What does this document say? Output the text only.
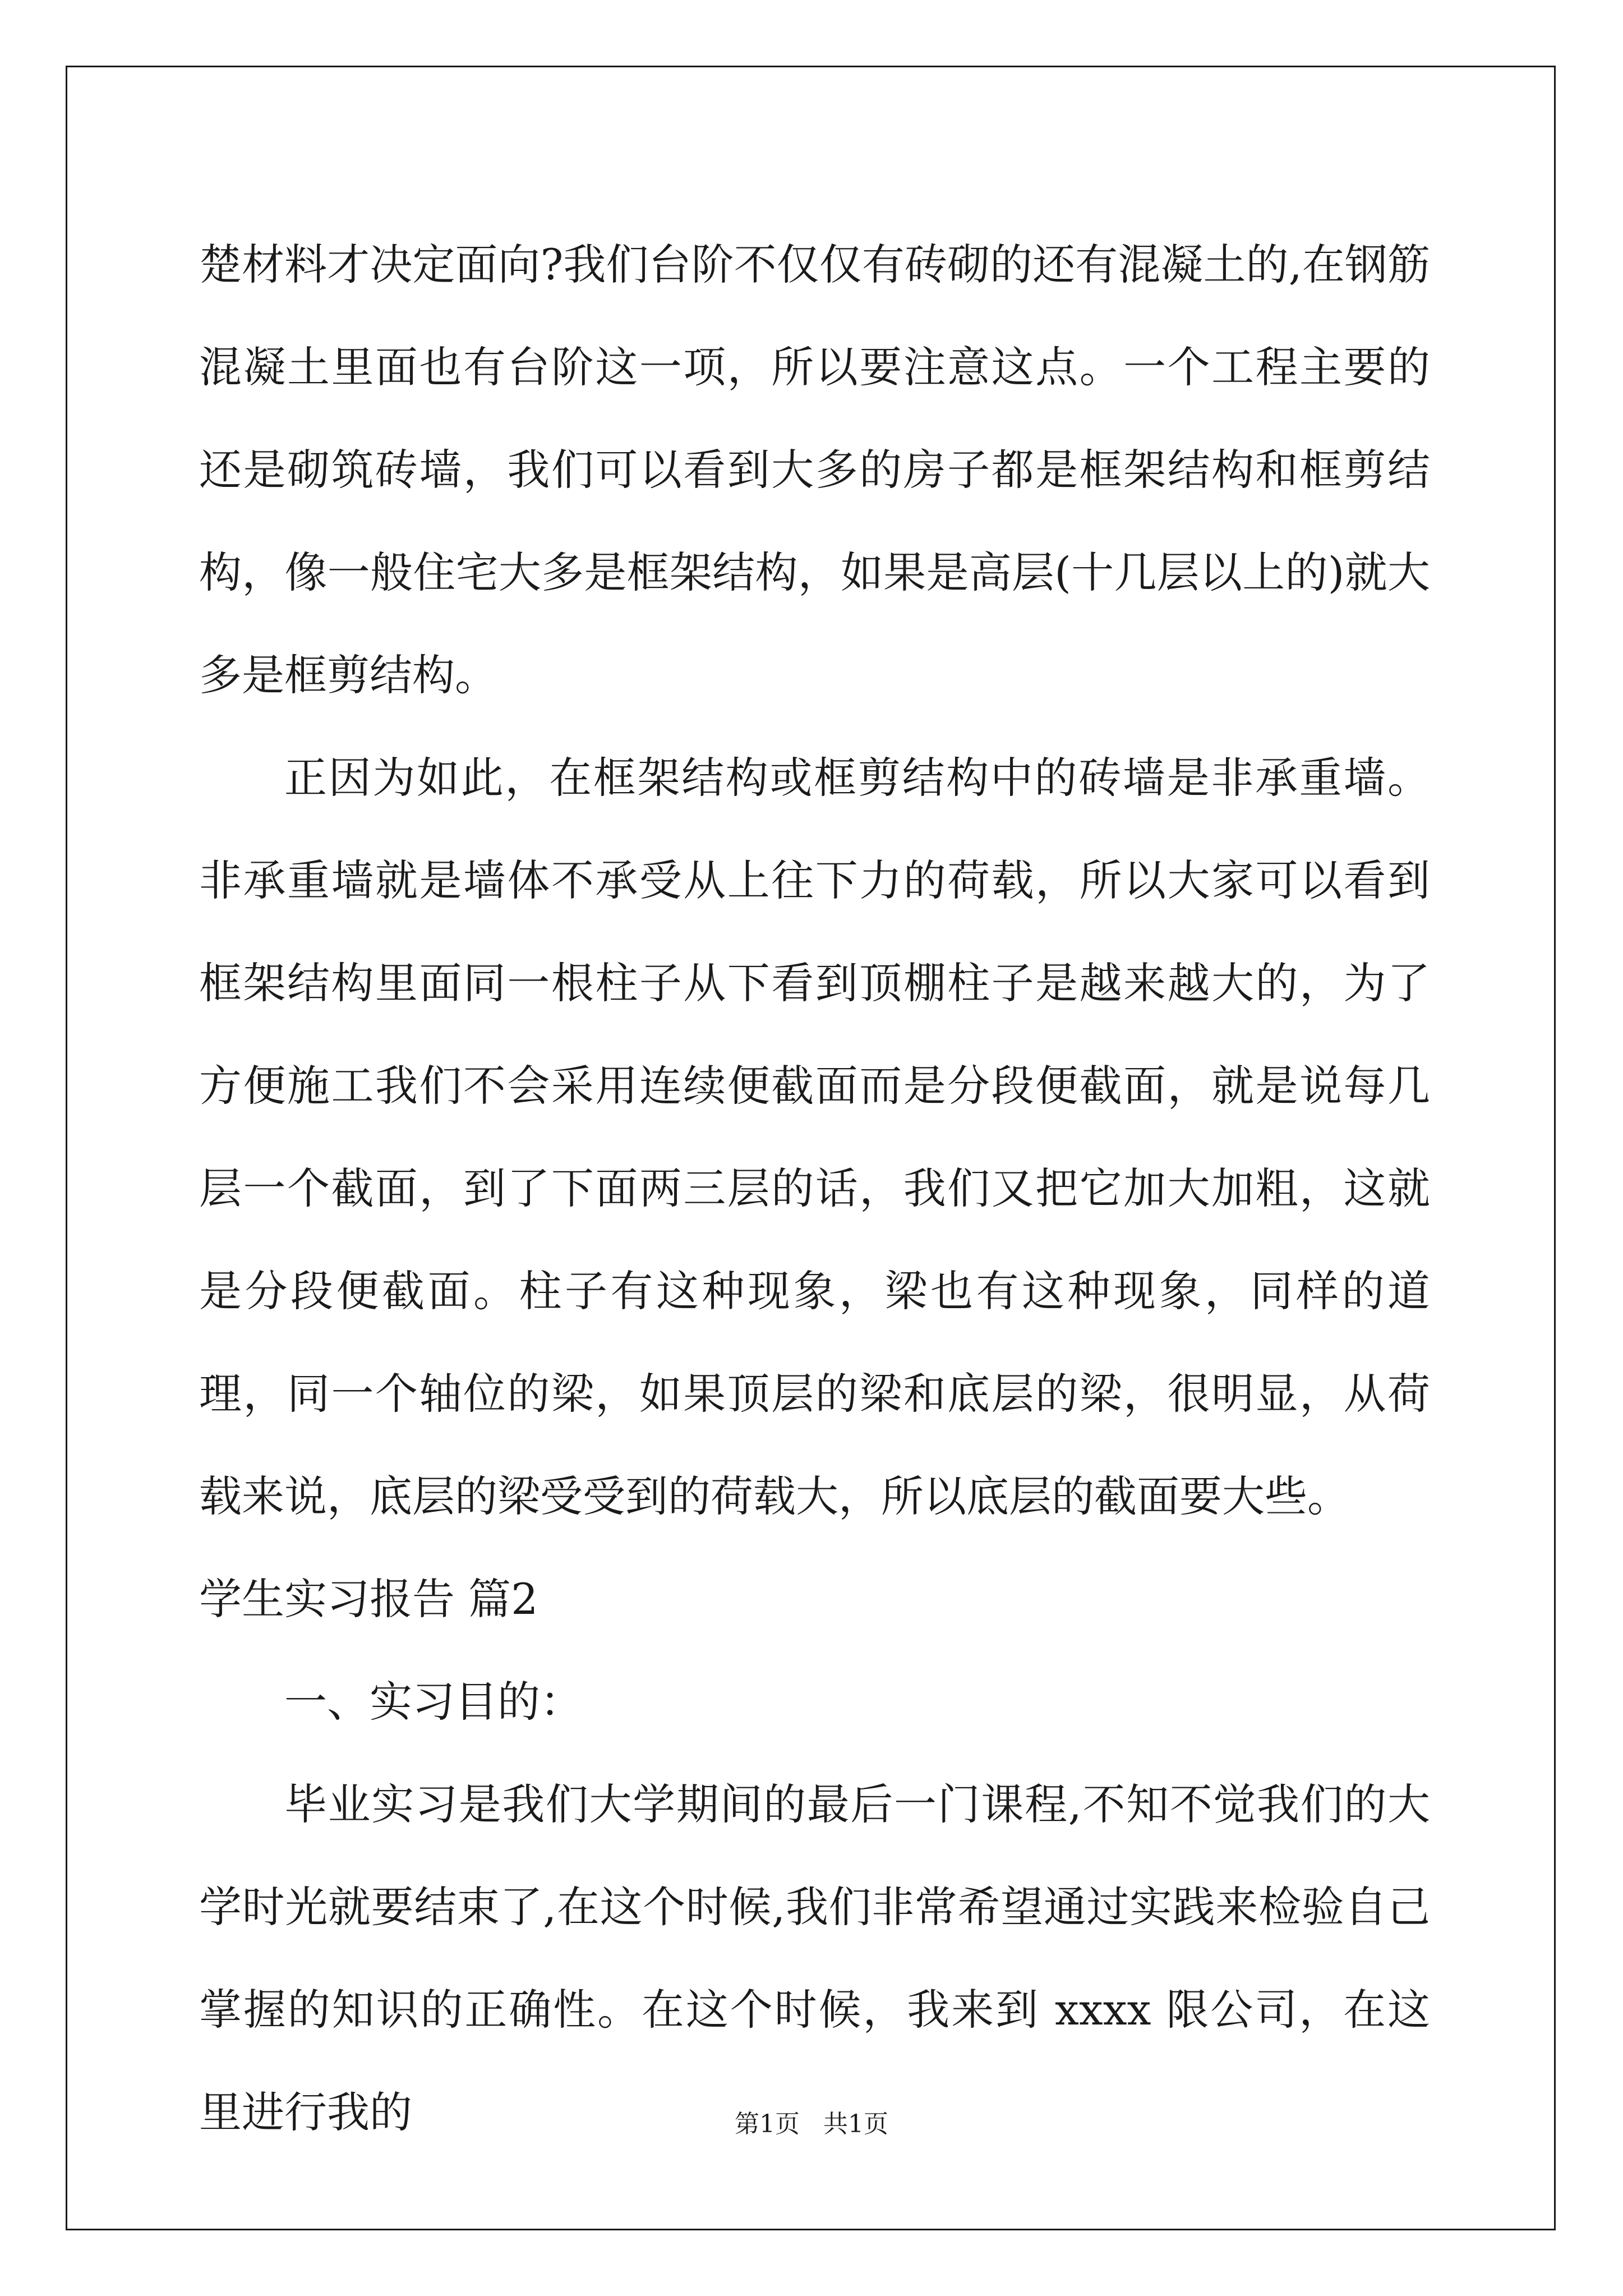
楚材料才决定面向?我们台阶不仅仅有砖砌的还有混凝土的,在钢筋混凝土里面也有台阶这一项，所以要注意这点。一个工程主要的还是砌筑砖墙，我们可以看到大多的房子都是框架结构和框剪结构，像一般住宅大多是框架结构，如果是高层(十几层以上的)就大多是框剪结构。

正因为如此，在框架结构或框剪结构中的砖墙是非承重墙。非承重墙就是墙体不承受从上往下力的荷载，所以大家可以看到框架结构里面同一根柱子从下看到顶棚柱子是越来越大的，为了方便施工我们不会采用连续便截面而是分段便截面，就是说每几层一个截面，到了下面两三层的话，我们又把它加大加粗，这就是分段便截面。柱子有这种现象，梁也有这种现象，同样的道理，同一个轴位的梁，如果顶层的梁和底层的梁，很明显，从荷载来说，底层的梁受受到的荷载大，所以底层的截面要大些。

学生实习报告 篇2

一、实习目的：

毕业实习是我们大学期间的最后一门课程,不知不觉我们的大学时光就要结束了,在这个时候,我们非常希望通过实践来检验自己掌握的知识的正确性。在这个时候，我来到 xxxx 限公司，在这里进行我的	第1页   共1页
